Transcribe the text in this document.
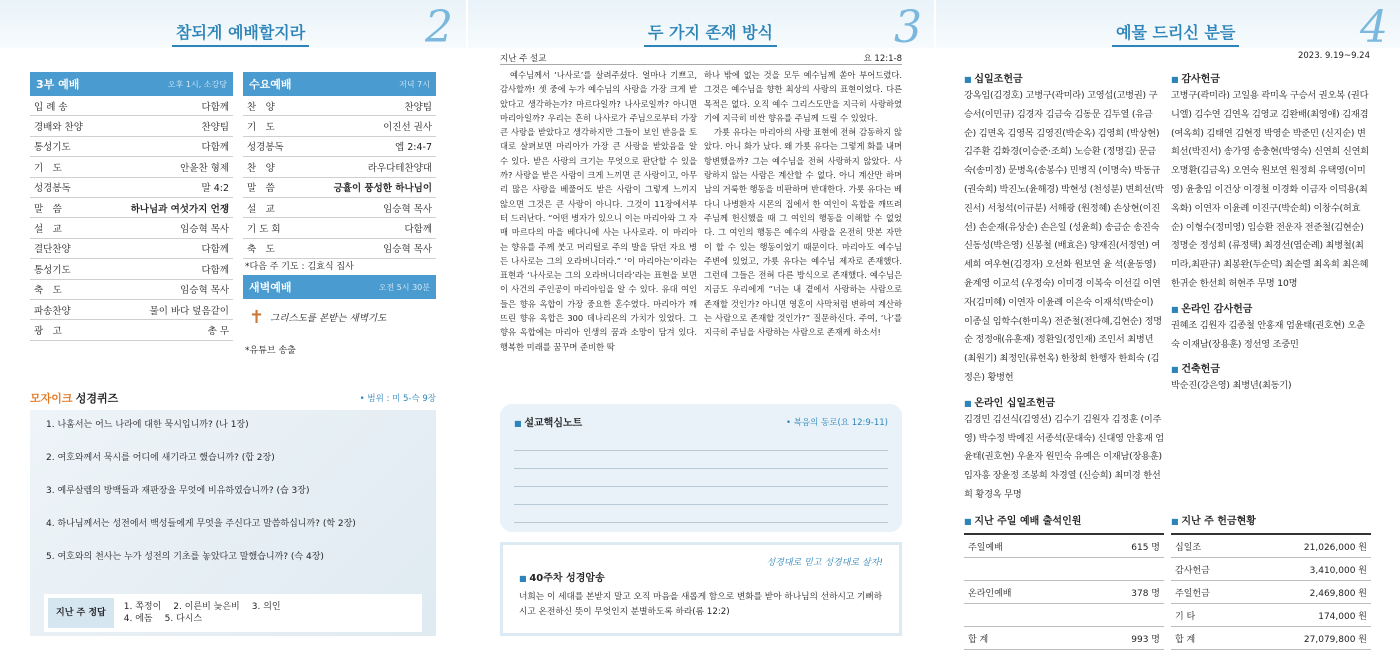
참되게 예배할지라	2
3부 예배	오후 1시, 소강당
입 례 송	다함께
경배와 찬양	찬양팀
통성기도	다함께
기　도	안윤찬 형제
성경봉독	말 4:2
말　씀	하나님과 여섯가지 언쟁
설　교	임승혁 목사
결단찬양	다함께
통성기도	다함께
축　도	임승혁 목사
파송찬양	물이 바다 덮음같이
광　고	총 무
수요예배	저녁 7시
찬　양	찬양팀
기　도	이진선 권사
성경봉독	엡 2:4-7
찬　양	라우다테찬양대
말　씀	긍휼이 풍성한 하나님이
설　교	임승혁 목사
기 도 회	다함께
축　도	임승혁 목사
*다음 주 기도 : 김효식 집사
새벽예배	오전 5시 30분
✝ 그리스도를 본받는 새벽기도
*유튜브 송출
모자이크 성경퀴즈	• 범위 : 미 5-슥 9장
1. 나훔서는 어느 나라에 대한 묵시입니까? (나 1장)
2. 여호와께서 묵시를 어디에 새기라고 했습니까? (합 2장)
3. 예루살렘의 방백들과 재판장을 무엇에 비유하였습니까? (습 3장)
4. 하나님께서는 성전에서 백성들에게 무엇을 주신다고 말씀하십니까? (학 2장)
5. 여호와의 천사는 누가 성전의 기초를 놓았다고 말했습니까? (슥 4장)
지난 주 정답
1. 쪽정이 2. 이른비 늦은비 3. 의인4. 에돔 5. 다시스
두 가지 존재 방식	3
지난 주 설교	요 12:1-8
예수님께서 ‘나사로’를 살려주셨다. 얼마나 기쁘고, 감사할까! 셋 중에 누가 예수님의 사랑을 가장 크게 받았다고 생각하는가? 마르다일까? 나사로일까? 아니면 마리아일까? 우리는 흔히 나사로가 주님으로부터 가장 큰 사랑을 받았다고 생각하지만 그들이 보인 반응을 토대로 살펴보면 마리아가 가장 큰 사랑을 받았음을 알 수 있다. 받은 사랑의 크기는 무엇으로 판단할 수 있을까? 사랑을 받은 사람이 크게 느끼면 큰 사랑이고, 아무리 많은 사랑을 베풀어도 받은 사람이 그렇게 느끼지 않으면 그것은 큰 사랑이 아니다. 그것이 11장에서부터 드러난다. “어떤 병자가 있으니 이는 마리아와 그 자매 마르다의 마을 베다니에 사는 나사로라. 이 마리아는 향유를 주께 붓고 머리털로 주의 발을 닦던 자요 병든 나사로는 그의 오라버니더라.” ‘이 마리아는’이라는 표현과 ‘나사로는 그의 오라버니더라’라는 표현을 보면 이 사건의 주인공이 마리아임을 알 수 있다. 유대 여인들은 향유 옥합이 가장 중요한 혼수였다. 마리아가 깨뜨린 향유 옥합은 300 데나리온의 가치가 있었다. 그 향유 옥합에는 마리아 인생의 꿈과 소망이 담겨 있다. 행복한 미래를 꿈꾸며 준비한 딱
하나 밖에 없는 것을 모두 예수님께 쏟아 부어드렸다. 그것은 예수님을 향한 최상의 사랑의 표현이었다. 다른 목적은 없다. 오직 예수 그리스도만을 지극히 사랑하였기에 지극히 비싼 향유를 주님께 드릴 수 있었다.
가룟 유다는 마리아의 사랑 표현에 전혀 감동하지 않았다. 아니 화가 났다. 왜 가룟 유다는 그렇게 화를 내며 항변했을까? 그는 예수님을 전혀 사랑하지 않았다. 사랑하지 않는 사람은 계산할 수 없다. 아니 계산만 하며 남의 거룩한 행동을 비판하며 반대한다. 가룟 유다는 베다니 나병환자 시몬의 집에서 한 여인이 옥합을 깨뜨려 주님께 헌신했을 때 그 여인의 행동을 이해할 수 없었다. 그 여인의 행동은 예수의 사랑을 온전히 맛본 자만이 할 수 있는 행동이었기 때문이다. 마리아도 예수님 주변에 있었고, 가룟 유다는 예수님 제자로 존재했다. 그런데 그들은 전혀 다른 방식으로 존재했다. 예수님은 지금도 우리에게 “너는 내 곁에서 사랑하는 사람으로 존재할 것인가? 아니면 영혼이 사막처럼 변하여 계산하는 사람으로 존재할 것인가?” 질문하신다. 주여, ‘나’를 지극히 주님을 사랑하는 사람으로 존재케 하소서!
■ 설교핵심노트	• 복음의 동로(요 12:9-11)
■ 40주차 성경암송
성경대로 믿고 성경대로 살자!
너희는 이 세대를 본받지 말고 오직 마음을 새롭게 함으로 변화를 받아 하나님의 선하시고 기뻐하시고 온전하신 뜻이 무엇인지 분별하도록 하라(롬 12:2)
예물 드리신 분들	4
2023. 9.19~9.24
■ 십일조헌금
강옥임(김경호) 고병구(곽미라) 고영섭(고병권) 구승서(이민규) 김경자 김금숙 김동문 김두열 (유금순) 김면옥 김영목 김영진(박순옥) 김영희 (박상현) 김주환 김화경(이승준·조희) 노승환 (정명길) 문금숙(송미정) 문병옥(송봉수) 민병직 (이명숙) 박동규(권숙희) 박진노(윤해경) 박현성 (천성분) 변희선(박진서) 서청석(이규분) 서해광 (원정혜) 손상현(이진선) 손순재(유상순) 손은일 (성윤희) 송금순 송진숙 신동성(박은영) 신봉철 (배효은) 양재진(서정연) 여세희 여우현(김경자) 오선화 원보연 윤 석(윤동영) 윤계영 이교석 (우정숙) 이미경 이복숙 이선길 이연자(김미혜) 이연자 이윤례 이은숙 이재석(박순이) 이종실 임학수(한미옥) 전준철(전다혜,김현순) 정명순 정정애(유훈재) 정환일(정인재) 조인서 최병년 (최원기) 최정인(류헌옥) 한창희 한행자 한희숙 (김정은) 황병헌
■ 온라인 십일조헌금
김경민 김선식(김영선) 김수기 김원자 김정훈 (이주영) 박수정 박예진 서종석(문대숙) 신대영 안홍재 엄윤태(권호현) 우윤자 원민숙 유예은 이재남(장용훈) 임자흥 장윤정 조봉희 차경열 (신승희) 최미경 한선희 황경옥 무명
■ 감사헌금
고병구(곽미라) 고일용 곽미옥 구승서 권오복 (권다니엘) 김수연 김연옥 김영교 김완배(최영애) 김재겸(여옥희) 김태연 김현정 박영순 박준민 (신지순) 변희선(박진서) 송가영 송충현(박영숙) 신연희 신연희 오명환(김금옥) 오연숙 원보연 원정희 유택영(이미영) 윤충임 이건상 이경철 이경화 이금자 이덕용(최옥화) 이연자 이윤례 이진구(박순희) 이창수(허효순) 이형수(정미영) 임승환 전운자 전준철(김현순) 정명순 정성희 (류정택) 최경선(염순례) 최병철(최미라,최판규) 최봉완(두순덕) 최순렬 최옥희 최은혜 한귀순 한선희 허현주 무명 10명
■ 온라인 감사헌금
권혜조 김원자 김종철 안홍재 엄윤태(권호현) 오춘숙 이재남(장용훈) 정선영 조중민
■ 건축헌금
박순진(강은영) 최병년(최동기)
■ 지난 주일 예배 출석인원
주일예배	615 명
온라인예배	378 명
합 계	993 명
■ 지난 주 헌금현황
십일조	21,026,000 원
감사헌금	3,410,000 원
주일헌금	2,469,800 원
기 타	174,000 원
합 계	27,079,800 원
